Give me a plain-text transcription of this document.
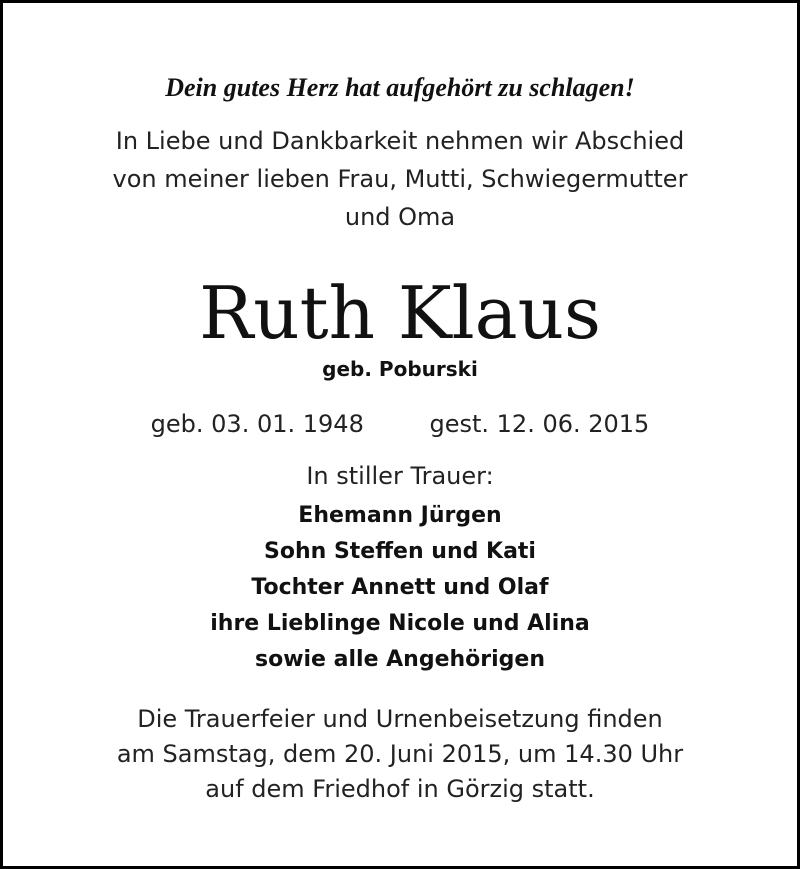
Dein gutes Herz hat aufgehört zu schlagen!
In Liebe und Dankbarkeit nehmen wir Abschied
von meiner lieben Frau, Mutti, Schwiegermutter
und Oma
Ruth Klaus
geb. Poburski
geb. 03. 01. 1948	gest. 12. 06. 2015
In stiller Trauer:
Ehemann Jürgen
Sohn Steffen und Kati
Tochter Annett und Olaf
ihre Lieblinge Nicole und Alina
sowie alle Angehörigen
Die Trauerfeier und Urnenbeisetzung finden
am Samstag, dem 20. Juni 2015, um 14.30 Uhr
auf dem Friedhof in Görzig statt.
